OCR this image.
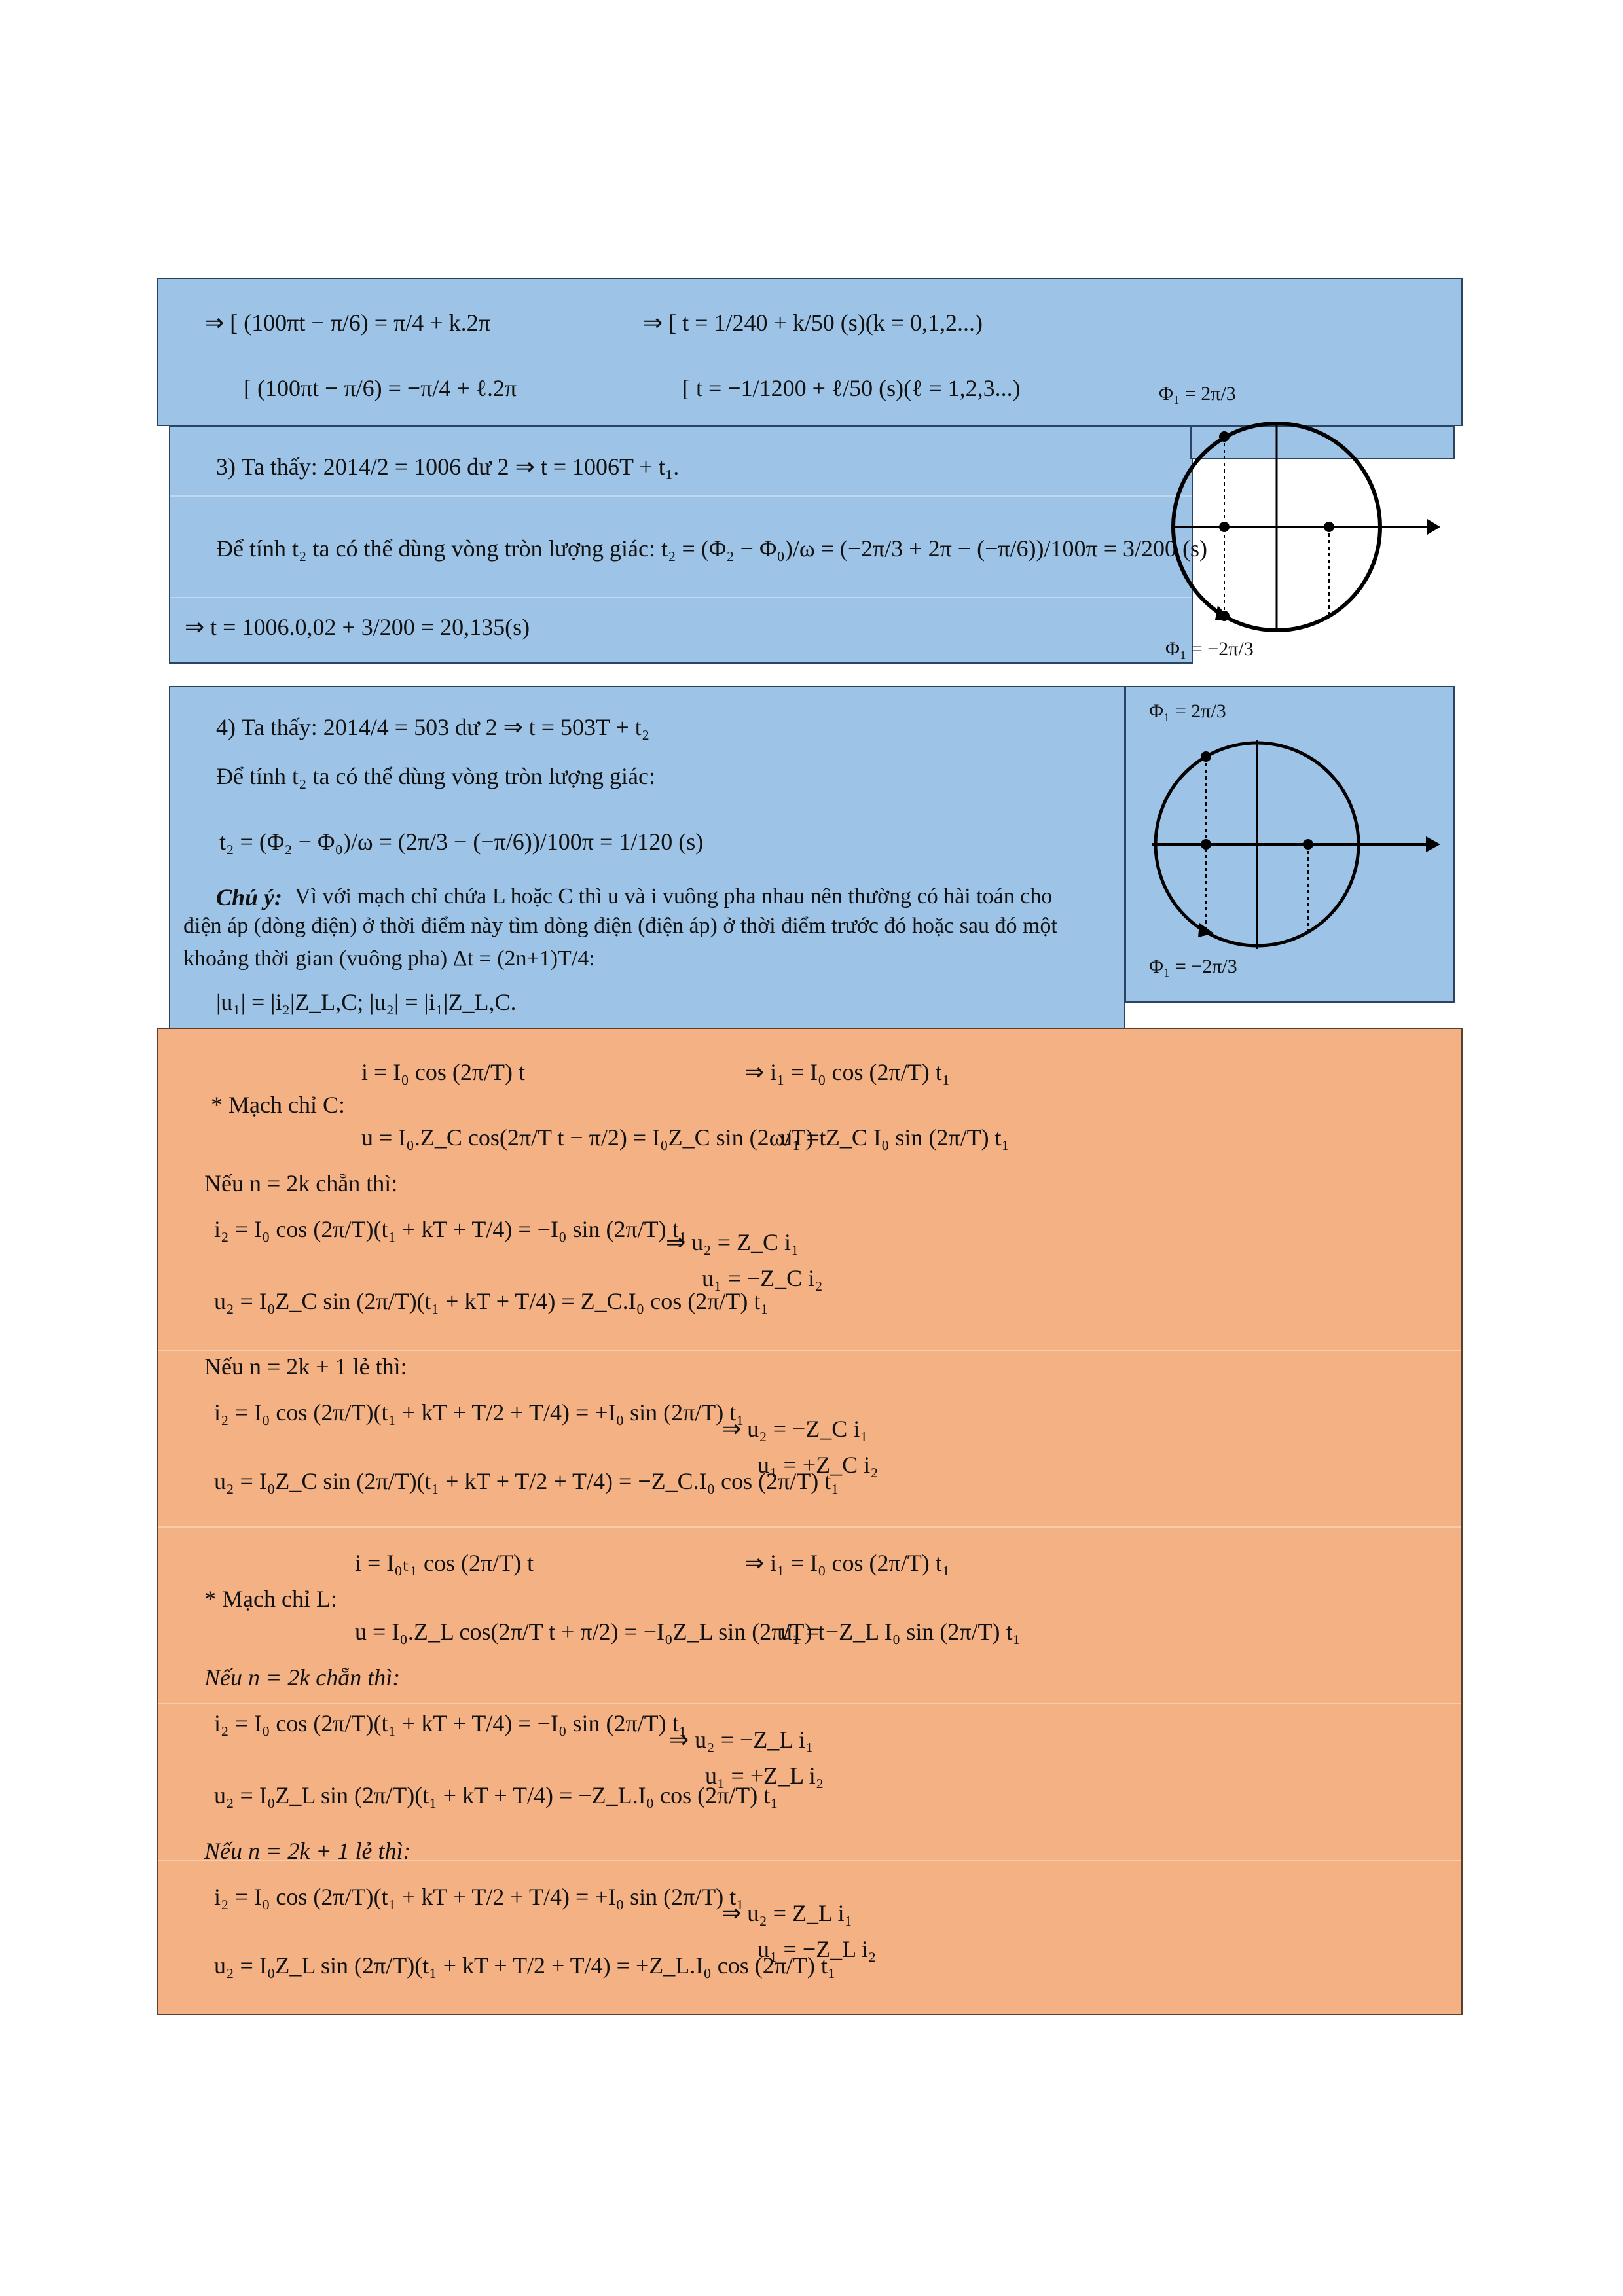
⇒ [ (100πt − π/6) = π/4 + k.2π
[ (100πt − π/6) = −π/4 + ℓ.2π
⇒ [ t = 1/240 + k/50 (s)(k = 0,1,2...)
[ t = −1/1200 + ℓ/50 (s)(ℓ = 1,2,3...)
3) Ta thấy: 2014/2 = 1006 dư 2 ⇒ t = 1006T + t₁.
Để tính t₂ ta có thể dùng vòng tròn lượng giác: t₂ = (Φ₂ − Φ₀)/ω = (−2π/3 + 2π − (−π/6))/100π = 3/200 (s)
⇒ t = 1006.0,02 + 3/200 = 20,135(s)
Φ₁ = 2π/3
Φ₁ = −2π/3
4) Ta thấy: 2014/4 = 503 dư 2 ⇒ t = 503T + t₂
Để tính t₂ ta có thể dùng vòng tròn lượng giác:
t₂ = (Φ₂ − Φ₀)/ω = (2π/3 − (−π/6))/100π = 1/120 (s)
Chú ý: Vì với mạch chỉ chứa L hoặc C thì u và i vuông pha nhau nên thường có hài toán cho
điện áp (dòng điện) ở thời điểm này tìm dòng điện (điện áp) ở thời điểm trước đó hoặc sau đó một
khoảng thời gian (vuông pha) Δt = (2n+1)T/4:
|u₁| = |i₂|Z_L,C; |u₂| = |i₁|Z_L,C.
Φ₁ = 2π/3
Φ₁ = −2π/3
* Mạch chỉ C:
i = I₀ cos (2π/T) t
u = I₀.Z_C cos(2π/T t − π/2) = I₀Z_C sin (2ω/T) t
⇒ i₁ = I₀ cos (2π/T) t₁
u₁ = Z_C I₀ sin (2π/T) t₁
Nếu n = 2k chẵn thì:
i₂ = I₀ cos (2π/T)(t₁ + kT + T/4) = −I₀ sin (2π/T) t₁
u₂ = I₀Z_C sin (2π/T)(t₁ + kT + T/4) = Z_C.I₀ cos (2π/T) t₁
⇒ u₂ = Z_C i₁
u₁ = −Z_C i₂
Nếu n = 2k + 1 lẻ thì:
i₂ = I₀ cos (2π/T)(t₁ + kT + T/2 + T/4) = +I₀ sin (2π/T) t₁
u₂ = I₀Z_C sin (2π/T)(t₁ + kT + T/2 + T/4) = −Z_C.I₀ cos (2π/T) t₁
⇒ u₂ = −Z_C i₁
u₁ = +Z_C i₂
* Mạch chỉ L:
i = I₀ₜ₁ cos (2π/T) t
u = I₀.Z_L cos(2π/T t + π/2) = −I₀Z_L sin (2π/T) t
⇒ i₁ = I₀ cos (2π/T) t₁
u₁ = −Z_L I₀ sin (2π/T) t₁
Nếu n = 2k chẵn thì:
i₂ = I₀ cos (2π/T)(t₁ + kT + T/4) = −I₀ sin (2π/T) t₁
u₂ = I₀Z_L sin (2π/T)(t₁ + kT + T/4) = −Z_L.I₀ cos (2π/T) t₁
⇒ u₂ = −Z_L i₁
u₁ = +Z_L i₂
Nếu n = 2k + 1 lẻ thì:
i₂ = I₀ cos (2π/T)(t₁ + kT + T/2 + T/4) = +I₀ sin (2π/T) t₁
u₂ = I₀Z_L sin (2π/T)(t₁ + kT + T/2 + T/4) = +Z_L.I₀ cos (2π/T) t₁
⇒ u₂ = Z_L i₁
u₁ = −Z_L i₂
